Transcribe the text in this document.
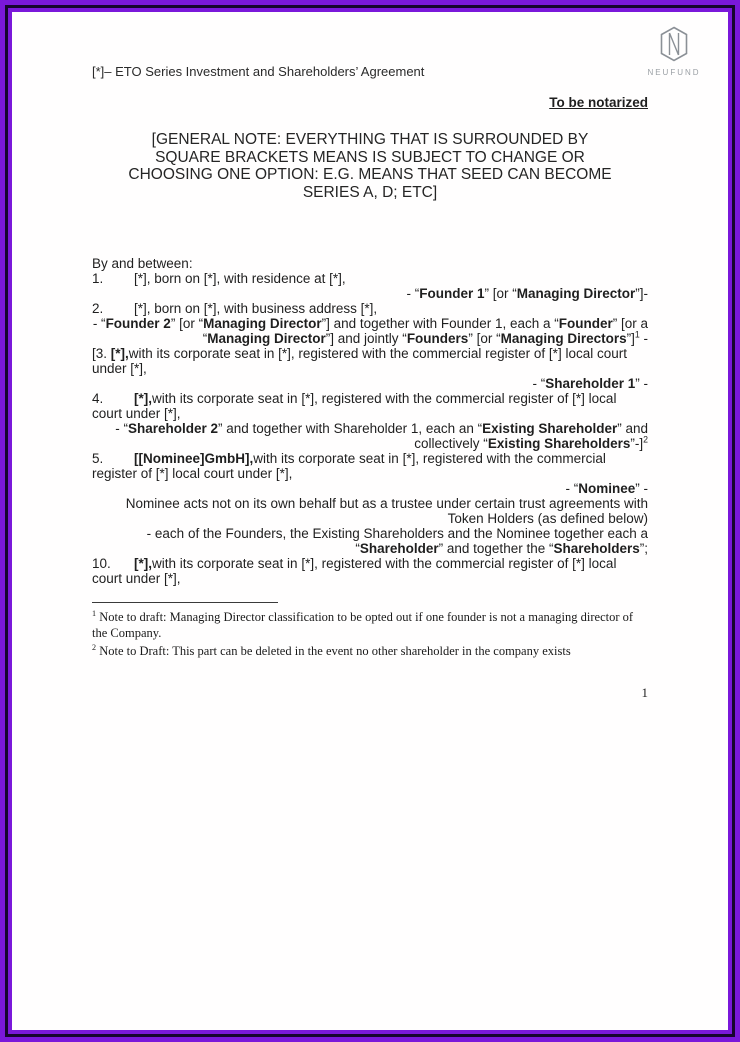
[*]– ETO Series Investment and Shareholders’ Agreement	NEUFUND
To be notarized
[GENERAL NOTE: EVERYTHING THAT IS SURROUNDED BY
SQUARE BRACKETS MEANS IS SUBJECT TO CHANGE OR
CHOOSING ONE OPTION: E.G. MEANS THAT SEED CAN BECOME
SERIES A, D; ETC]
By and between:

1. [*], born on [*], with residence at [*],

- “Founder 1” [or “Managing Director”]-

2. [*], born on [*], with business address [*],

- “Founder 2” [or “Managing Director”] and together with Founder 1, each a “Founder” [or a “Managing Director”] and jointly “Founders” [or “Managing Directors”]$^1$ -

[3. [*],with its corporate seat in [*], registered with the commercial register of [*] local court under [*],

- “Shareholder 1” -

4. [*],with its corporate seat in [*], registered with the commercial register of [*] local court under [*],

- “Shareholder 2” and together with Shareholder 1, each an “Existing Shareholder” and collectively “Existing Shareholders”-]$^2$

5. [[Nominee]GmbH],with its corporate seat in [*], registered with the commercial register of [*] local court under [*],

- “Nominee” -

Nominee acts not on its own behalf but as a trustee under certain trust agreements with Token Holders (as defined below)

- each of the Founders, the Existing Shareholders and the Nominee together each a “Shareholder” and together the “Shareholders”;

10. [*],with its corporate seat in [*], registered with the commercial register of [*] local court under [*],

$^1$ Note to draft: Managing Director classification to be opted out if one founder is not a managing director of the Company.
$^2$ Note to Draft: This part can be deleted in the event no other shareholder in the company exists
1
